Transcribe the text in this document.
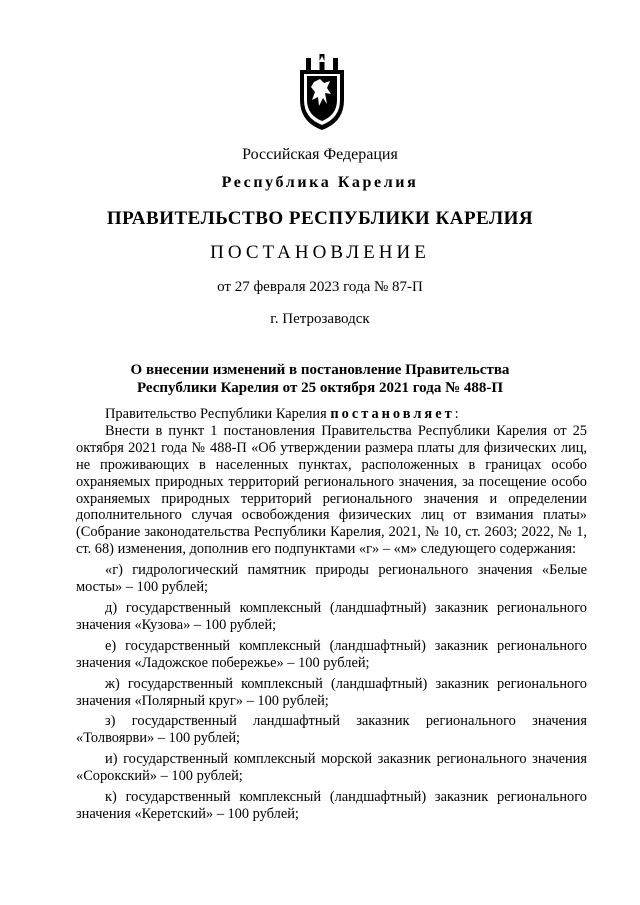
Российская Федерация
Республика Карелия
ПРАВИТЕЛЬСТВО РЕСПУБЛИКИ КАРЕЛИЯ
ПОСТАНОВЛЕНИЕ
от 27 февраля 2023 года № 87-П
г. Петрозаводск
О внесении изменений в постановление Правительства
Республики Карелия от 25 октября 2021 года № 488-П

Правительство Республики Карелия постановляет:

Внести в пункт 1 постановления Правительства Республики Карелия от 25 октября 2021 года № 488-П «Об утверждении размера платы для физических лиц, не проживающих в населенных пунктах, расположенных в границах особо охраняемых природных территорий регионального значения, за посещение особо охраняемых природных территорий регионального значения и определении дополнительного случая освобождения физических лиц от взимания платы» (Собрание законодательства Республики Карелия, 2021, № 10, ст. 2603; 2022, № 1, ст. 68) изменения, дополнив его подпунктами «г» – «м» следующего содержания:

«г) гидрологический памятник природы регионального значения «Белые мосты» – 100 рублей;

д) государственный комплексный (ландшафтный) заказник регионального значения «Кузова» – 100 рублей;

е) государственный комплексный (ландшафтный) заказник регионального значения «Ладожское побережье» – 100 рублей;

ж) государственный комплексный (ландшафтный) заказник регионального значения «Полярный круг» – 100 рублей;

з) государственный ландшафтный заказник регионального значения «Толвоярви» – 100 рублей;

и) государственный комплексный морской заказник регионального значения «Сорокский» – 100 рублей;

к) государственный комплексный (ландшафтный) заказник регионального значения «Керетский» – 100 рублей;
